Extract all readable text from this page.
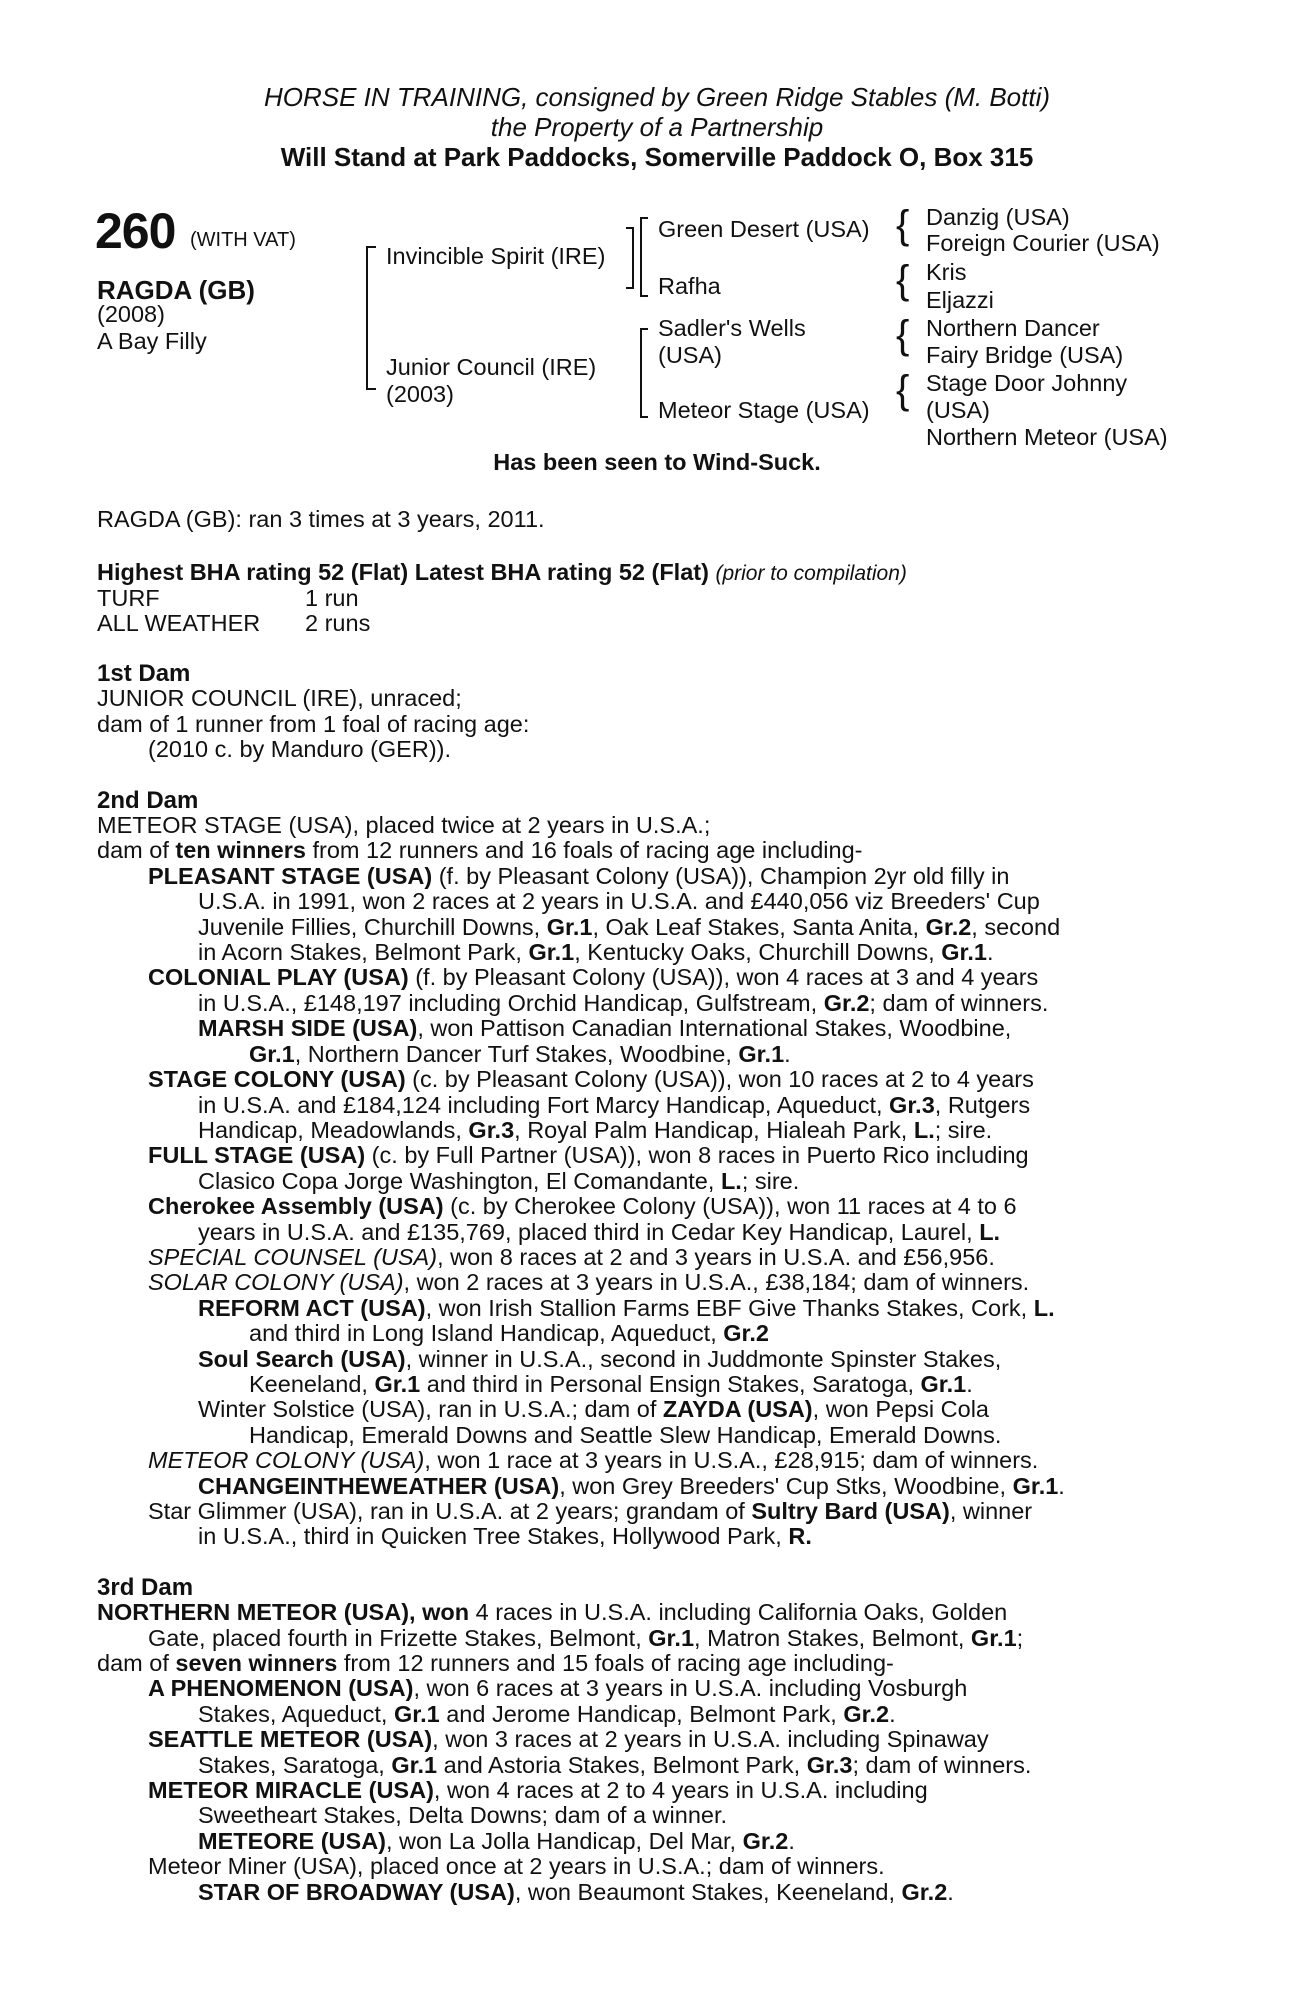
HORSE IN TRAINING, consigned by Green Ridge Stables (M. Botti)
the Property of a Partnership
Will Stand at Park Paddocks, Somerville Paddock O, Box 315
260 (WITH VAT)
RAGDA (GB)
(2008)
A Bay Filly
Invincible Spirit (IRE)
Junior Council (IRE)
(2003)
Green Desert (USA)
Rafha
Sadler's Wells
(USA)
Meteor Stage (USA)
{
{
{
{
Danzig (USA)
Foreign Courier (USA)
Kris
Eljazzi
Northern Dancer
Fairy Bridge (USA)
Stage Door Johnny
(USA)
Northern Meteor (USA)
Has been seen to Wind-Suck.
RAGDA (GB): ran 3 times at 3 years, 2011.
Highest BHA rating 52 (Flat) Latest BHA rating 52 (Flat) (prior to compilation)
TURF	1 run
ALL WEATHER 2 runs
1st Dam
JUNIOR COUNCIL (IRE), unraced;
dam of 1 runner from 1 foal of racing age:
(2010 c. by Manduro (GER)).
2nd Dam
METEOR STAGE (USA), placed twice at 2 years in U.S.A.;
dam of ten winners from 12 runners and 16 foals of racing age including-
PLEASANT STAGE (USA) (f. by Pleasant Colony (USA)), Champion 2yr old filly in
U.S.A. in 1991, won 2 races at 2 years in U.S.A. and £440,056 viz Breeders' Cup
Juvenile Fillies, Churchill Downs, Gr.1, Oak Leaf Stakes, Santa Anita, Gr.2, second
in Acorn Stakes, Belmont Park, Gr.1, Kentucky Oaks, Churchill Downs, Gr.1.
COLONIAL PLAY (USA) (f. by Pleasant Colony (USA)), won 4 races at 3 and 4 years
in U.S.A., £148,197 including Orchid Handicap, Gulfstream, Gr.2; dam of winners.
MARSH SIDE (USA), won Pattison Canadian International Stakes, Woodbine,
Gr.1, Northern Dancer Turf Stakes, Woodbine, Gr.1.
STAGE COLONY (USA) (c. by Pleasant Colony (USA)), won 10 races at 2 to 4 years
in U.S.A. and £184,124 including Fort Marcy Handicap, Aqueduct, Gr.3, Rutgers
Handicap, Meadowlands, Gr.3, Royal Palm Handicap, Hialeah Park, L.; sire.
FULL STAGE (USA) (c. by Full Partner (USA)), won 8 races in Puerto Rico including
Clasico Copa Jorge Washington, El Comandante, L.; sire.
Cherokee Assembly (USA) (c. by Cherokee Colony (USA)), won 11 races at 4 to 6
years in U.S.A. and £135,769, placed third in Cedar Key Handicap, Laurel, L.
SPECIAL COUNSEL (USA), won 8 races at 2 and 3 years in U.S.A. and £56,956.
SOLAR COLONY (USA), won 2 races at 3 years in U.S.A., £38,184; dam of winners.
REFORM ACT (USA), won Irish Stallion Farms EBF Give Thanks Stakes, Cork, L.
and third in Long Island Handicap, Aqueduct, Gr.2
Soul Search (USA), winner in U.S.A., second in Juddmonte Spinster Stakes,
Keeneland, Gr.1 and third in Personal Ensign Stakes, Saratoga, Gr.1.
Winter Solstice (USA), ran in U.S.A.; dam of ZAYDA (USA), won Pepsi Cola
Handicap, Emerald Downs and Seattle Slew Handicap, Emerald Downs.
METEOR COLONY (USA), won 1 race at 3 years in U.S.A., £28,915; dam of winners.
CHANGEINTHEWEATHER (USA), won Grey Breeders' Cup Stks, Woodbine, Gr.1.
Star Glimmer (USA), ran in U.S.A. at 2 years; grandam of Sultry Bard (USA), winner
in U.S.A., third in Quicken Tree Stakes, Hollywood Park, R.
3rd Dam
NORTHERN METEOR (USA), won 4 races in U.S.A. including California Oaks, Golden
Gate, placed fourth in Frizette Stakes, Belmont, Gr.1, Matron Stakes, Belmont, Gr.1;
dam of seven winners from 12 runners and 15 foals of racing age including-
A PHENOMENON (USA), won 6 races at 3 years in U.S.A. including Vosburgh
Stakes, Aqueduct, Gr.1 and Jerome Handicap, Belmont Park, Gr.2.
SEATTLE METEOR (USA), won 3 races at 2 years in U.S.A. including Spinaway
Stakes, Saratoga, Gr.1 and Astoria Stakes, Belmont Park, Gr.3; dam of winners.
METEOR MIRACLE (USA), won 4 races at 2 to 4 years in U.S.A. including
Sweetheart Stakes, Delta Downs; dam of a winner.
METEORE (USA), won La Jolla Handicap, Del Mar, Gr.2.
Meteor Miner (USA), placed once at 2 years in U.S.A.; dam of winners.
STAR OF BROADWAY (USA), won Beaumont Stakes, Keeneland, Gr.2.
